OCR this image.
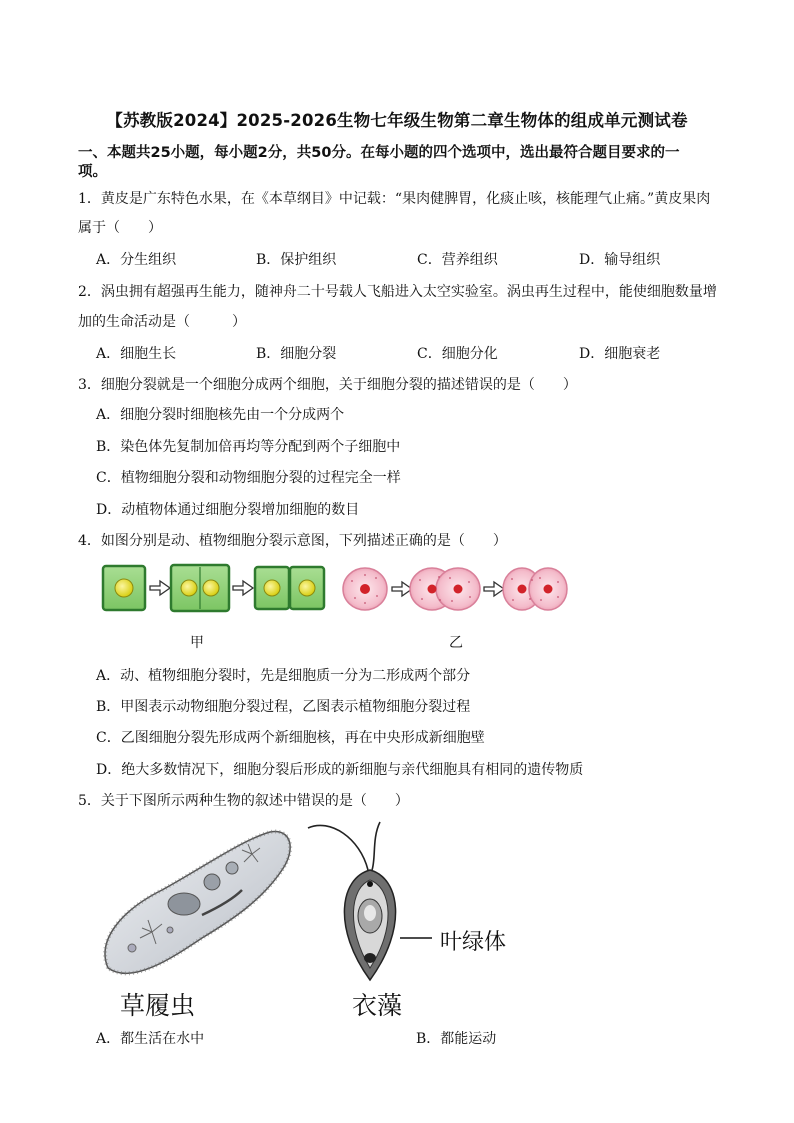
【苏教版2024】2025-2026生物七年级生物第二章生物体的组成单元测试卷
一、本题共25小题，每小题2分，共50分。在每小题的四个选项中，选出最符合题目要求的一
项。
1．黄皮是广东特色水果，在《本草纲目》中记载：“果肉健脾胃，化痰止咳，核能理气止痛。”黄皮果肉
属于（　　）
A．分生组织	B．保护组织	C．营养组织	D．输导组织
2．涡虫拥有超强再生能力，随神舟二十号载人飞船进入太空实验室。涡虫再生过程中，能使细胞数量增
加的生命活动是（　　　）
A．细胞生长	B．细胞分裂	C．细胞分化	D．细胞衰老
3．细胞分裂就是一个细胞分成两个细胞，关于细胞分裂的描述错误的是（　　）
A．细胞分裂时细胞核先由一个分成两个
B．染色体先复制加倍再均等分配到两个子细胞中
C．植物细胞分裂和动物细胞分裂的过程完全一样
D．动植物体通过细胞分裂增加细胞的数目
4．如图分别是动、植物细胞分裂示意图，下列描述正确的是（　　）
甲	乙
A．动、植物细胞分裂时，先是细胞质一分为二形成两个部分
B．甲图表示动物细胞分裂过程，乙图表示植物细胞分裂过程
C．乙图细胞分裂先形成两个新细胞核，再在中央形成新细胞壁
D．绝大多数情况下，细胞分裂后形成的新细胞与亲代细胞具有相同的遗传物质
5．关于下图所示两种生物的叙述中错误的是（　　）
叶绿体
草履虫	衣藻
A．都生活在水中	B．都能运动
